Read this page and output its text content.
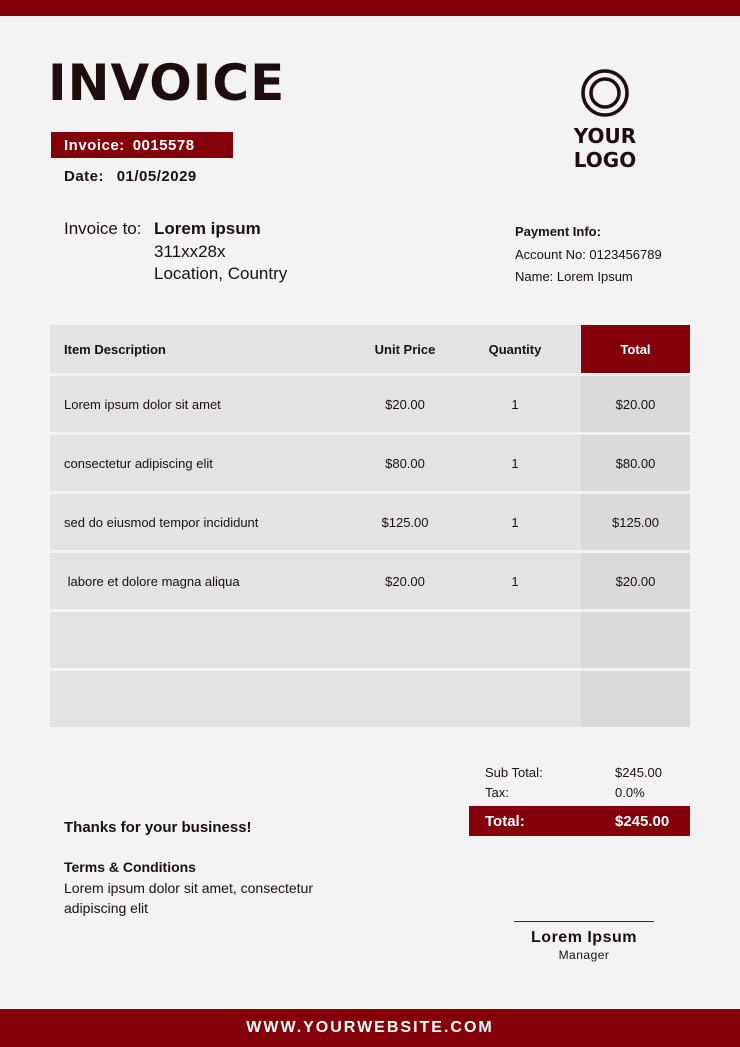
INVOICE
Invoice: 0015578
Date: 01/05/2029
YOUR LOGO
Invoice to: Lorem ipsum
311xx28x
Location, Country
Payment Info:
Account No: 0123456789
Name: Lorem Ipsum
Item Description	Unit Price	Quantity		Total
Lorem ipsum dolor sit amet	$20.00	1		$20.00
consectetur adipiscing elit	$80.00	1		$80.00
sed do eiusmod tempor incididunt	$125.00	1		$125.00
labore et dolore magna aliqua	$20.00	1		$20.00

Sub Total:	$245.00
Tax:	0.0%
Total:	$245.00
Thanks for your business!
Terms & Conditions
Lorem ipsum dolor sit amet, consectetur adipiscing elit
Lorem Ipsum
Manager
WWW.YOURWEBSITE.COM
